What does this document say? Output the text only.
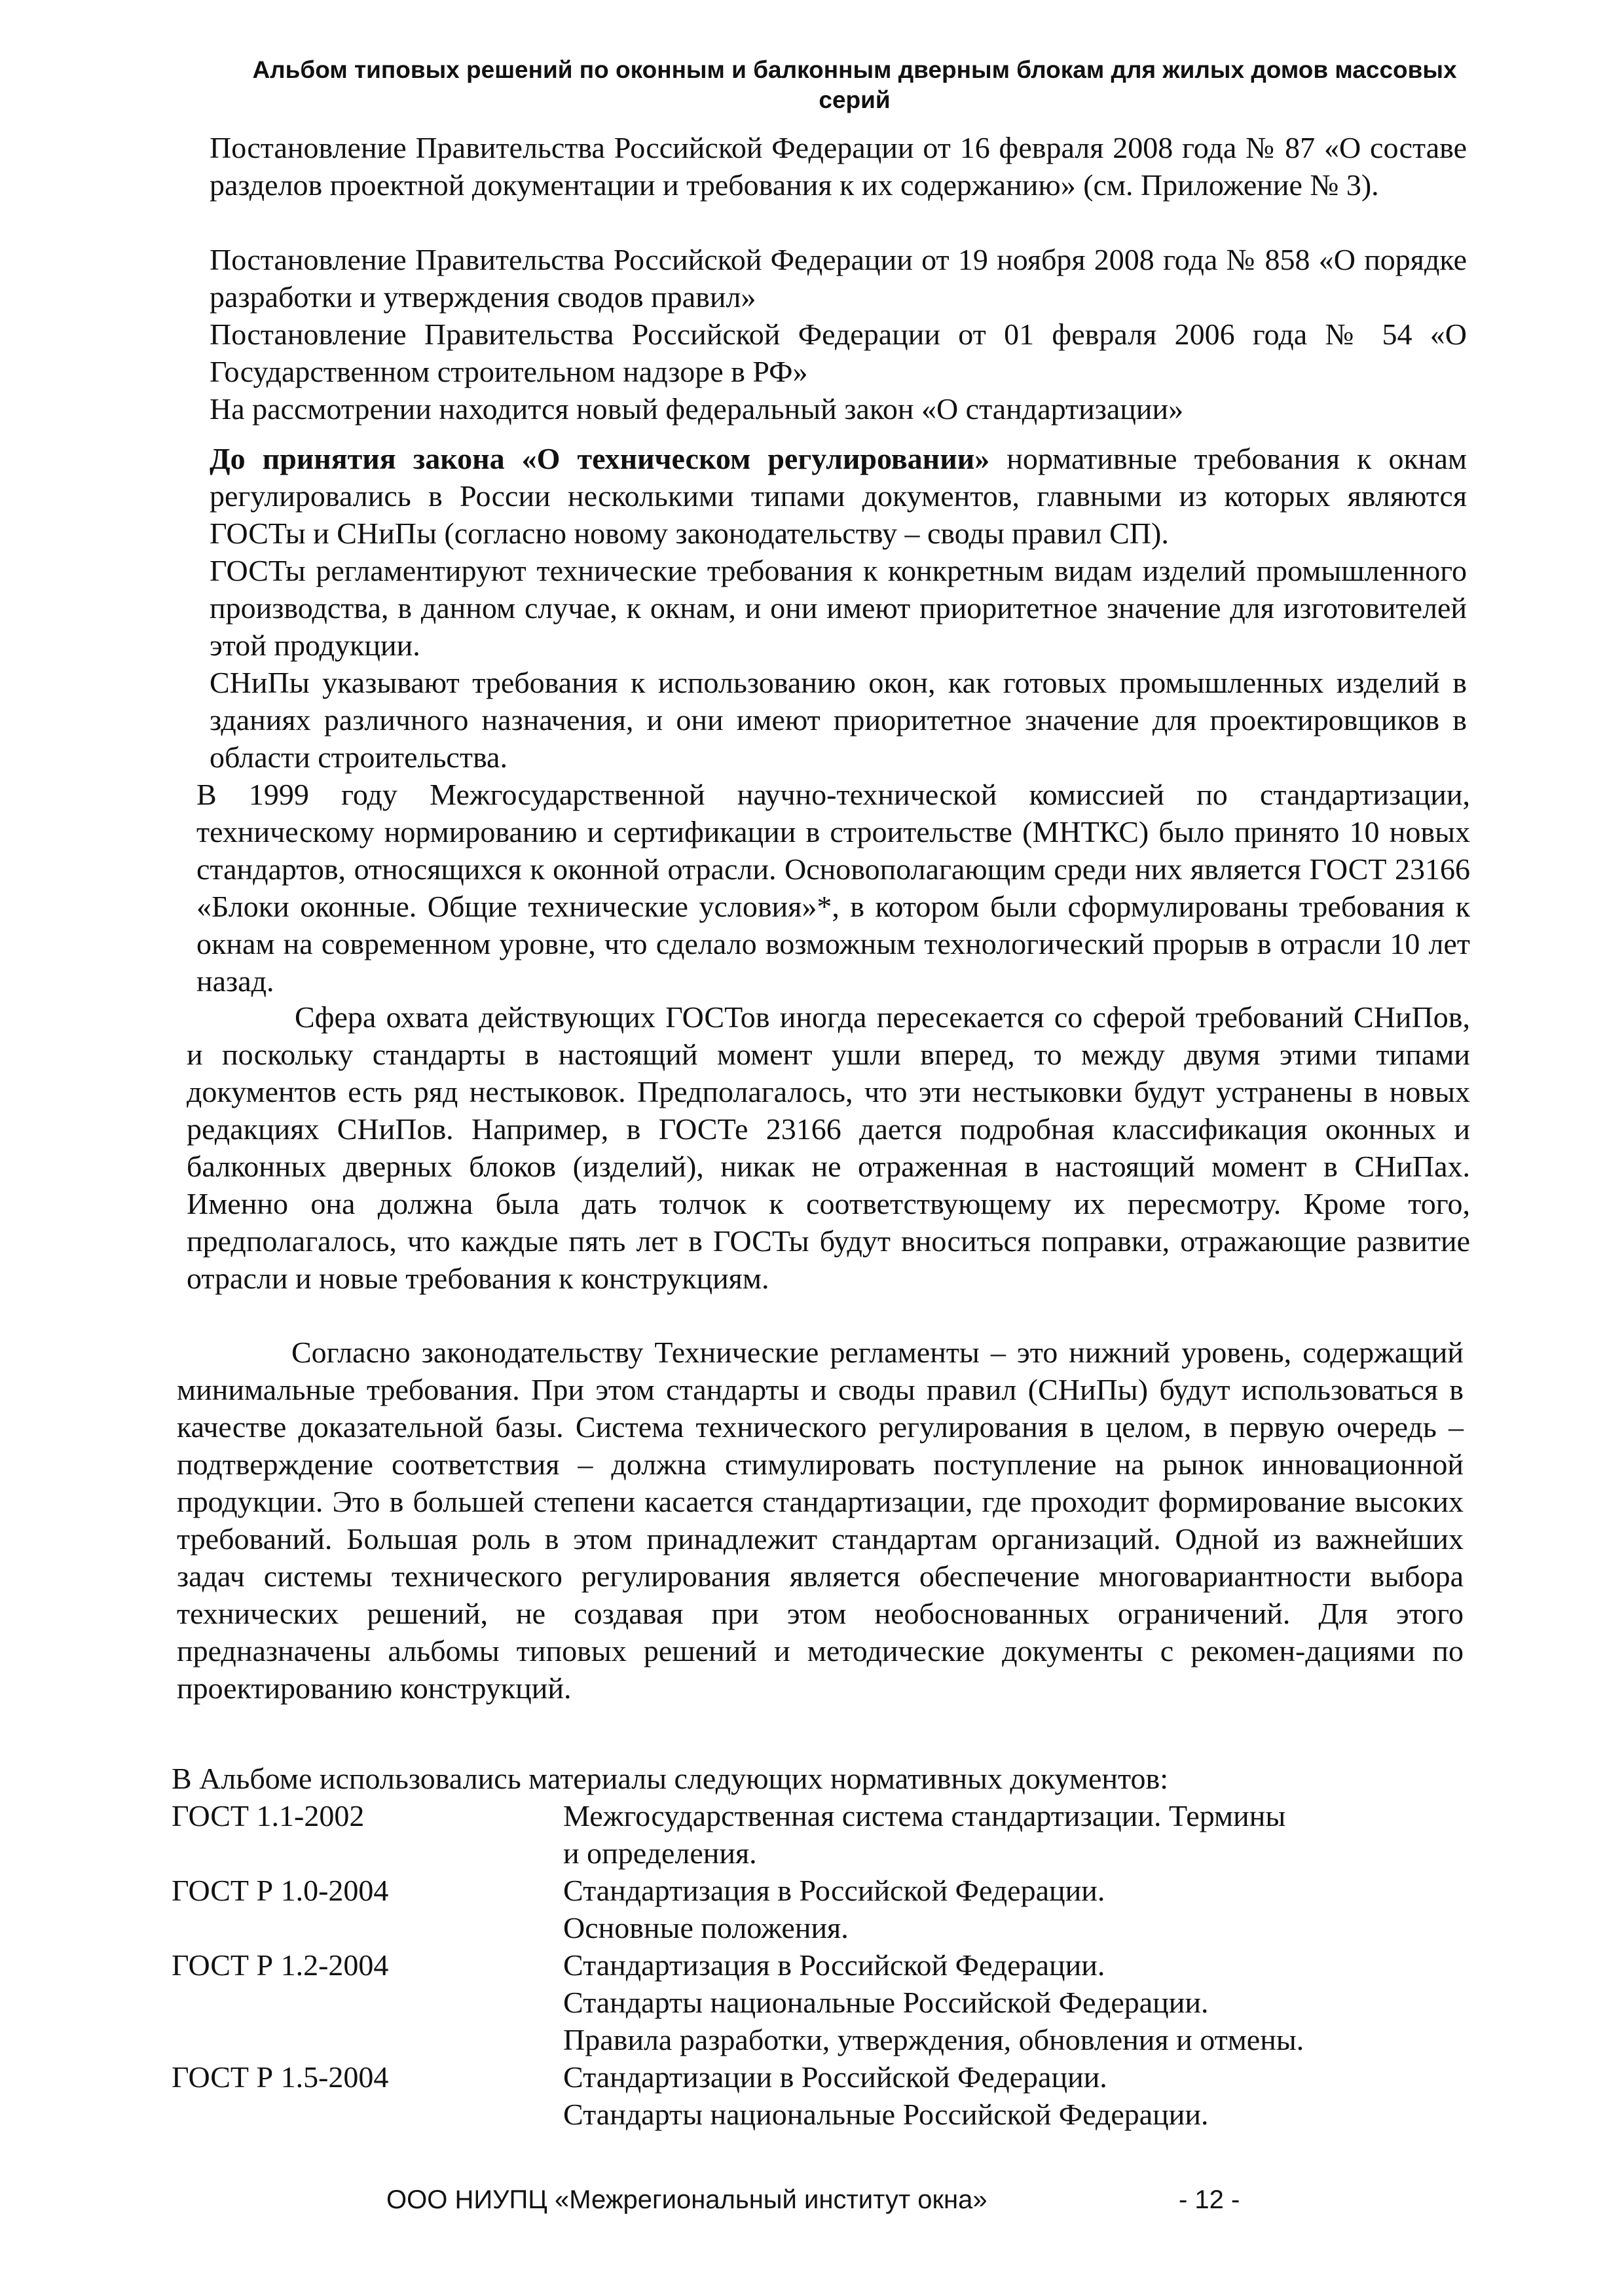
Альбом типовых решений по оконным и балконным дверным блокам для жилых домов массовых
серий

Постановление Правительства Российской Федерации от 16 февраля 2008 года № 87 «О составе разделов проектной документации и требования к их содержанию» (см. Приложение № 3).

Постановление Правительства Российской Федерации от 19 ноября 2008 года № 858 «О порядке разработки и утверждения сводов правил»

Постановление Правительства Российской Федерации от 01 февраля 2006 года № 54 «О Государственном строительном надзоре в РФ»

На рассмотрении находится новый федеральный закон «О стандартизации»

До принятия закона «О техническом регулировании» нормативные требования к окнам регулировались в России несколькими типами документов, главными из которых являются ГОСТы и СНиПы (согласно новому законодательству – своды правил СП).

ГОСТы регламентируют технические требования к конкретным видам изделий промышленного производства, в данном случае, к окнам, и они имеют приоритетное значение для изготовителей этой продукции.

СНиПы указывают требования к использованию окон, как готовых промышленных изделий в зданиях различного назначения, и они имеют приоритетное значение для проектировщиков в области строительства.

В 1999 году Межгосударственной научно-технической комиссией по стандартизации, техническому нормированию и сертификации в строительстве (МНТКС) было принято 10 новых стандартов, относящихся к оконной отрасли. Основополагающим среди них является ГОСТ 23166 «Блоки оконные. Общие технические условия»*, в котором были сформулированы требования к окнам на современном уровне, что сделало возможным технологический прорыв в отрасли 10 лет назад.

Сфера охвата действующих ГОСТов иногда пересекается со сферой требований СНиПов, и поскольку стандарты в настоящий момент ушли вперед, то между двумя этими типами документов есть ряд нестыковок. Предполагалось, что эти нестыковки будут устранены в новых редакциях СНиПов. Например, в ГОСТе 23166 дается подробная классификация оконных и балконных дверных блоков (изделий), никак не отраженная в настоящий момент в СНиПах. Именно она должна была дать толчок к соответствующему их пересмотру. Кроме того, предполагалось, что каждые пять лет в ГОСТы будут вноситься поправки, отражающие развитие отрасли и новые требования к конструкциям.

Согласно законодательству Технические регламенты – это нижний уровень, содержащий минимальные требования. При этом стандарты и своды правил (СНиПы) будут использоваться в качестве доказательной базы. Система технического регулирования в целом, в первую очередь – подтверждение соответствия – должна стимулировать поступление на рынок инновационной продукции. Это в большей степени касается стандартизации, где проходит формирование высоких требований. Большая роль в этом принадлежит стандартам организаций. Одной из важнейших задач системы технического регулирования является обеспечение многовариантности выбора технических решений, не создавая при этом необоснованных ограничений. Для этого предназначены альбомы типовых решений и методические документы с рекомен-дациями по проектированию конструкций.

В Альбоме использовались материалы следующих нормативных документов:

ГОСТ 1.1-2002	Межгосударственная система стандартизации. Термины
и определения.
ГОСТ Р 1.0-2004	Стандартизация в Российской Федерации.
Основные положения.
ГОСТ Р 1.2-2004	Стандартизация в Российской Федерации.
Стандарты национальные Российской Федерации.
Правила разработки, утверждения, обновления и отмены.
ГОСТ Р 1.5-2004	Стандартизации в Российской Федерации.
Стандарты национальные Российской Федерации.
ООО НИУПЦ «Межрегиональный институт окна»	- 12 -
